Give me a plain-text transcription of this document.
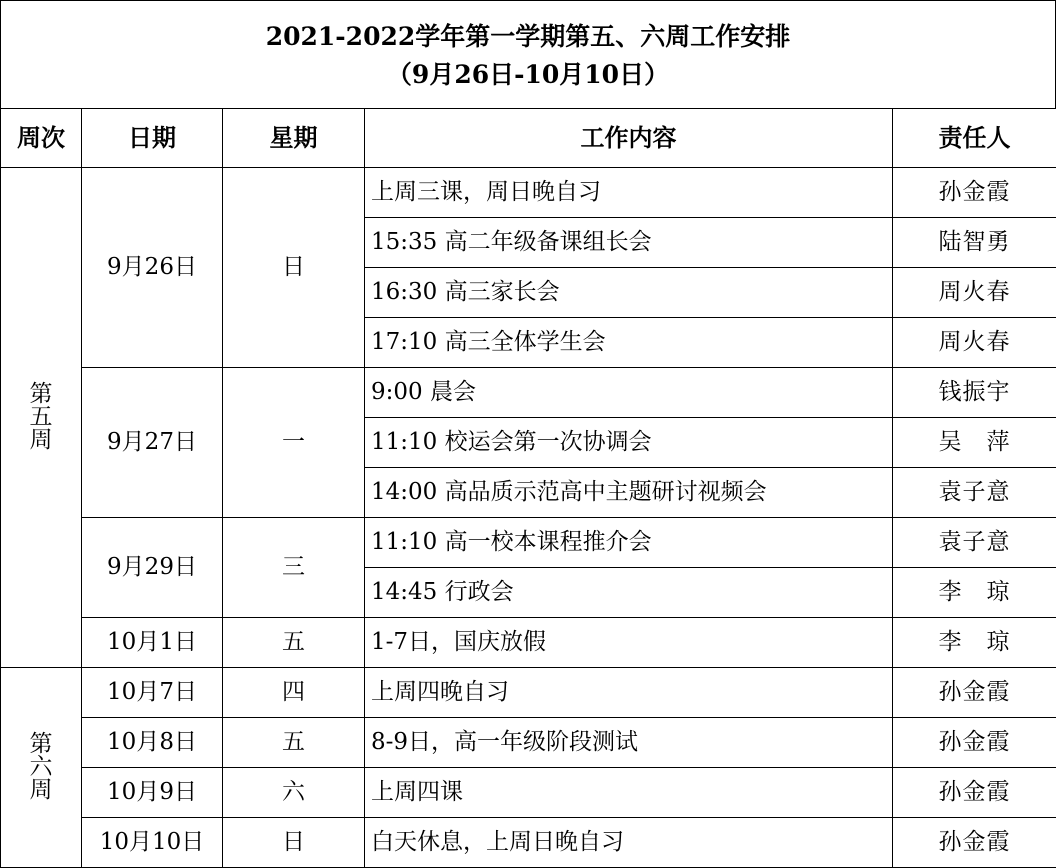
2021-2022学年第一学期第五、六周工作安排
（9月26日-10月10日）
周次	日期	星期	工作内容	责任人

第
五
周	9月26日	日	上周三课，周日晚自习	孙金霞
			15:35 高二年级备课组长会	陆智勇
			16:30 高三家长会	周火春
			17:10 高三全体学生会	周火春
	9月27日	一	9:00 晨会	钱振宇
			11:10 校运会第一次协调会	吴　萍
			14:00 高品质示范高中主题研讨视频会	袁子意
	9月29日	三	11:10 高一校本课程推介会	袁子意
			14:45 行政会	李　琼
	10月1日	五	1-7日，国庆放假	李　琼

第
六
周	10月7日	四	上周四晚自习	孙金霞
	10月8日	五	8-9日，高一年级阶段测试	孙金霞
	10月9日	六	上周四课	孙金霞
	10月10日	日	白天休息，上周日晚自习	孙金霞
